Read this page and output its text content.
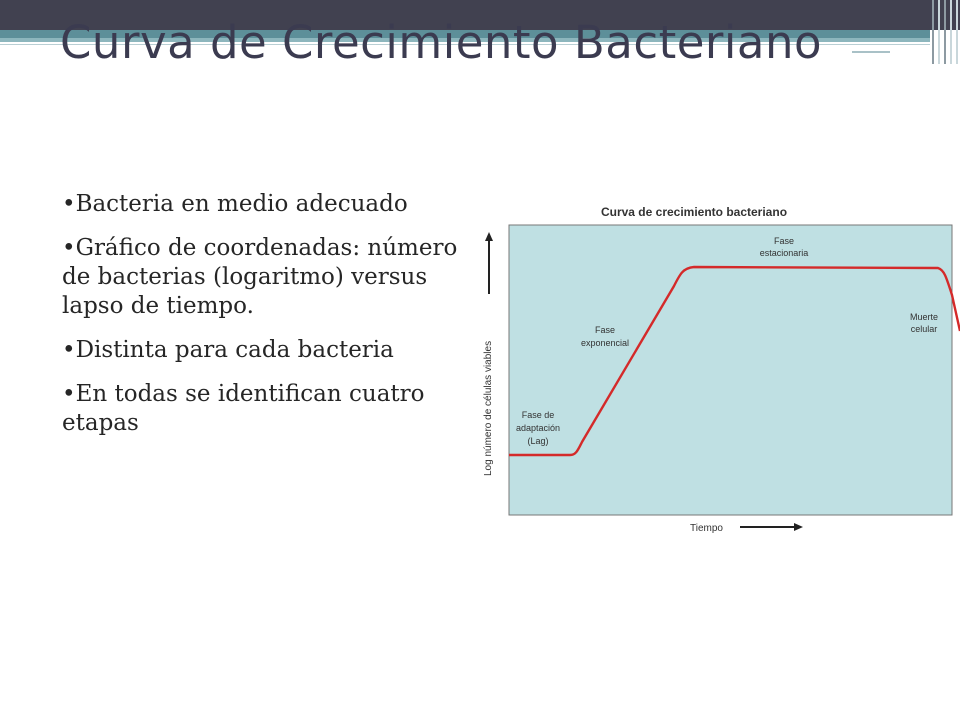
Curva de Crecimiento Bacteriano
•Bacteria en medio adecuado
•Gráfico de coordenadas: número de bacterias (logaritmo) versus lapso de tiempo.
•Distinta para cada bacteria
•En todas se identifican cuatro etapas
Curva de crecimiento bacteriano
Log número de células viables
Tiempo
Fase de
adaptación
(Lag)
Fase
exponencial
Fase
estacionaria
Muerte
celular
